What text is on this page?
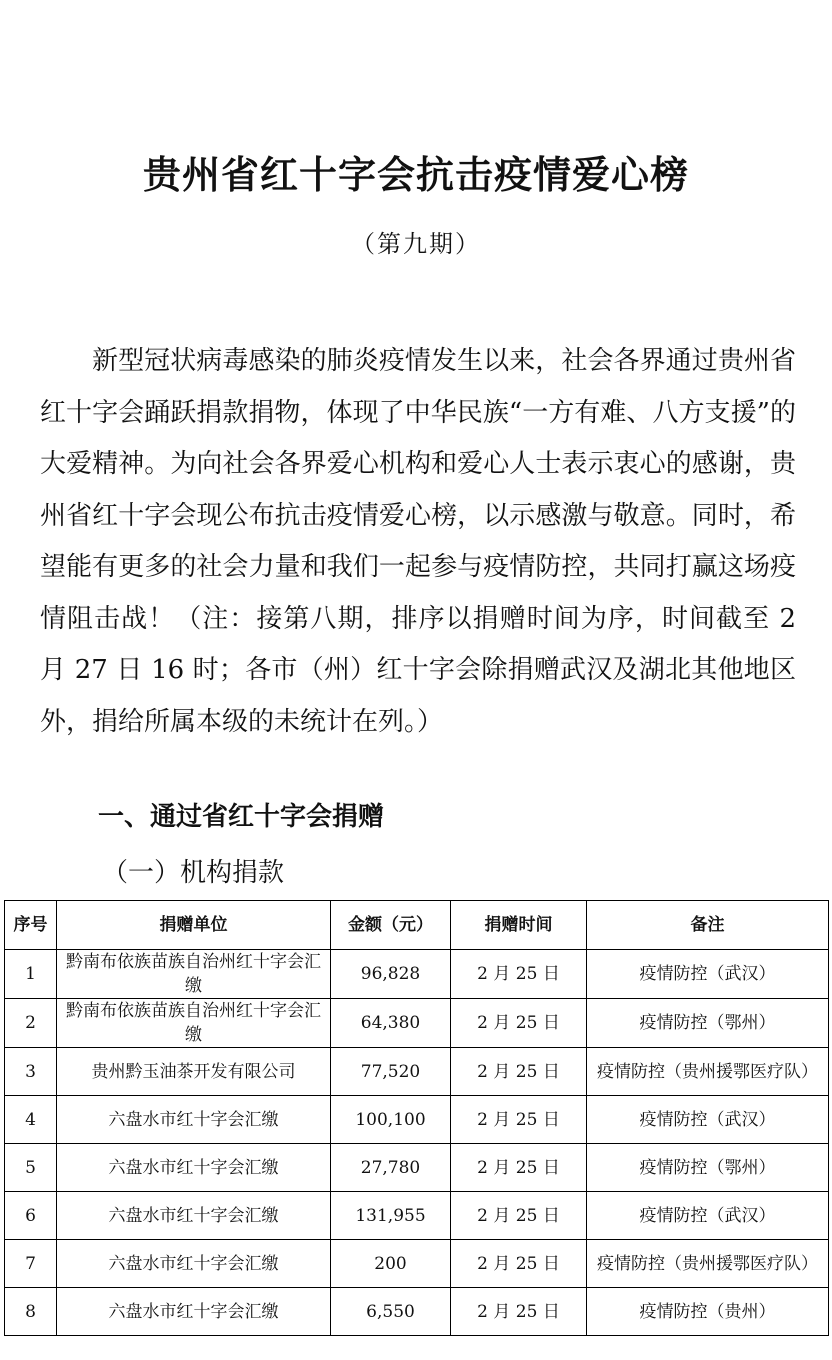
贵州省红十字会抗击疫情爱心榜
（第九期）

新型冠状病毒感染的肺炎疫情发生以来，社会各界通过贵州省红十字会踊跃捐款捐物，体现了中华民族“一方有难、八方支援”的大爱精神。为向社会各界爱心机构和爱心人士表示衷心的感谢，贵州省红十字会现公布抗击疫情爱心榜，以示感激与敬意。同时，希望能有更多的社会力量和我们一起参与疫情防控，共同打赢这场疫情阻击战！（注：接第八期，排序以捐赠时间为序，时间截至 2 月 27 日 16 时；各市（州）红十字会除捐赠武汉及湖北其他地区外，捐给所属本级的未统计在列。）

一、通过省红十字会捐赠
（一）机构捐款
序号	捐赠单位	金额（元）	捐赠时间	备注
1	黔南布依族苗族自治州红十字会汇缴	96,828	2 月 25 日	疫情防控（武汉）
2	黔南布依族苗族自治州红十字会汇缴	64,380	2 月 25 日	疫情防控（鄂州）
3	贵州黔玉油茶开发有限公司	77,520	2 月 25 日	疫情防控（贵州援鄂医疗队）
4	六盘水市红十字会汇缴	100,100	2 月 25 日	疫情防控（武汉）
5	六盘水市红十字会汇缴	27,780	2 月 25 日	疫情防控（鄂州）
6	六盘水市红十字会汇缴	131,955	2 月 25 日	疫情防控（武汉）
7	六盘水市红十字会汇缴	200	2 月 25 日	疫情防控（贵州援鄂医疗队）
8	六盘水市红十字会汇缴	6,550	2 月 25 日	疫情防控（贵州）
